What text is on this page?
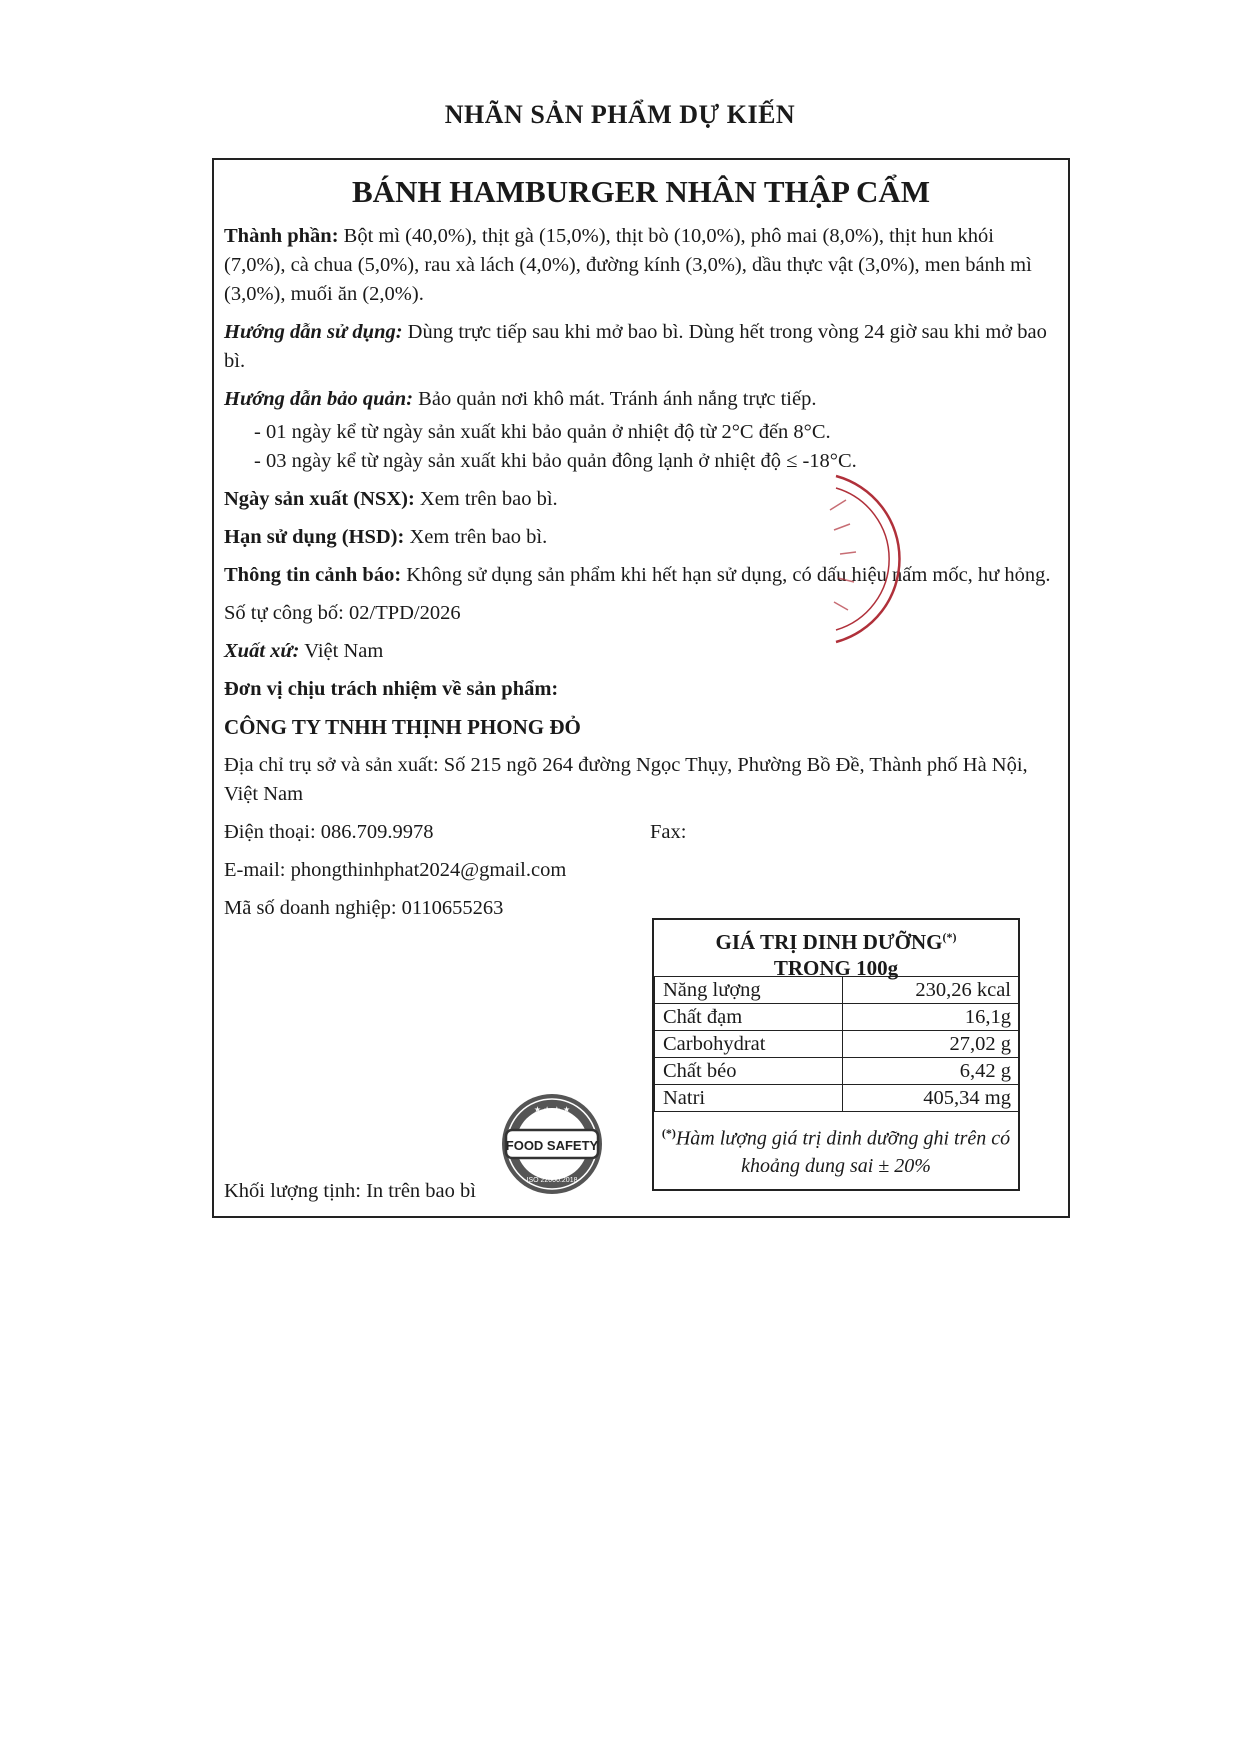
NHÃN SẢN PHẨM DỰ KIẾN
BÁNH HAMBURGER NHÂN THẬP CẨM

Thành phần: Bột mì (40,0%), thịt gà (15,0%), thịt bò (10,0%), phô mai (8,0%), thịt hun khói (7,0%), cà chua (5,0%), rau xà lách (4,0%), đường kính (3,0%), dầu thực vật (3,0%), men bánh mì (3,0%), muối ăn (2,0%).

Hướng dẫn sử dụng: Dùng trực tiếp sau khi mở bao bì. Dùng hết trong vòng 24 giờ sau khi mở bao bì.

Hướng dẫn bảo quản: Bảo quản nơi khô mát. Tránh ánh nắng trực tiếp.

- 01 ngày kể từ ngày sản xuất khi bảo quản ở nhiệt độ từ 2°C đến 8°C.
- 03 ngày kể từ ngày sản xuất khi bảo quản đông lạnh ở nhiệt độ ≤ -18°C.

Ngày sản xuất (NSX): Xem trên bao bì.

Hạn sử dụng (HSD): Xem trên bao bì.

Thông tin cảnh báo: Không sử dụng sản phẩm khi hết hạn sử dụng, có dấu hiệu nấm mốc, hư hỏng.

Số tự công bố: 02/TPD/2026

Xuất xứ: Việt Nam

Đơn vị chịu trách nhiệm về sản phẩm:

CÔNG TY TNHH THỊNH PHONG ĐỎ

Địa chỉ trụ sở và sản xuất: Số 215 ngõ 264 đường Ngọc Thụy, Phường Bồ Đề, Thành phố Hà Nội, Việt Nam

Điện thoại: 086.709.9978	Fax:

E-mail: phongthinhphat2024@gmail.com

Mã số doanh nghiệp: 0110655263

GIÁ TRỊ DINH DƯỠNG(*)
TRONG 100g
Năng lượng	230,26 kcal
Chất đạm	16,1g
Carbohydrat	27,02 g
Chất béo	6,42 g
Natri	405,34 mg
(*)Hàm lượng giá trị dinh dưỡng ghi trên có khoảng dung sai ± 20%
FOOD SAFETY
ISO 22000:2018
★ ★ ★ ★
Khối lượng tịnh: In trên bao bì
